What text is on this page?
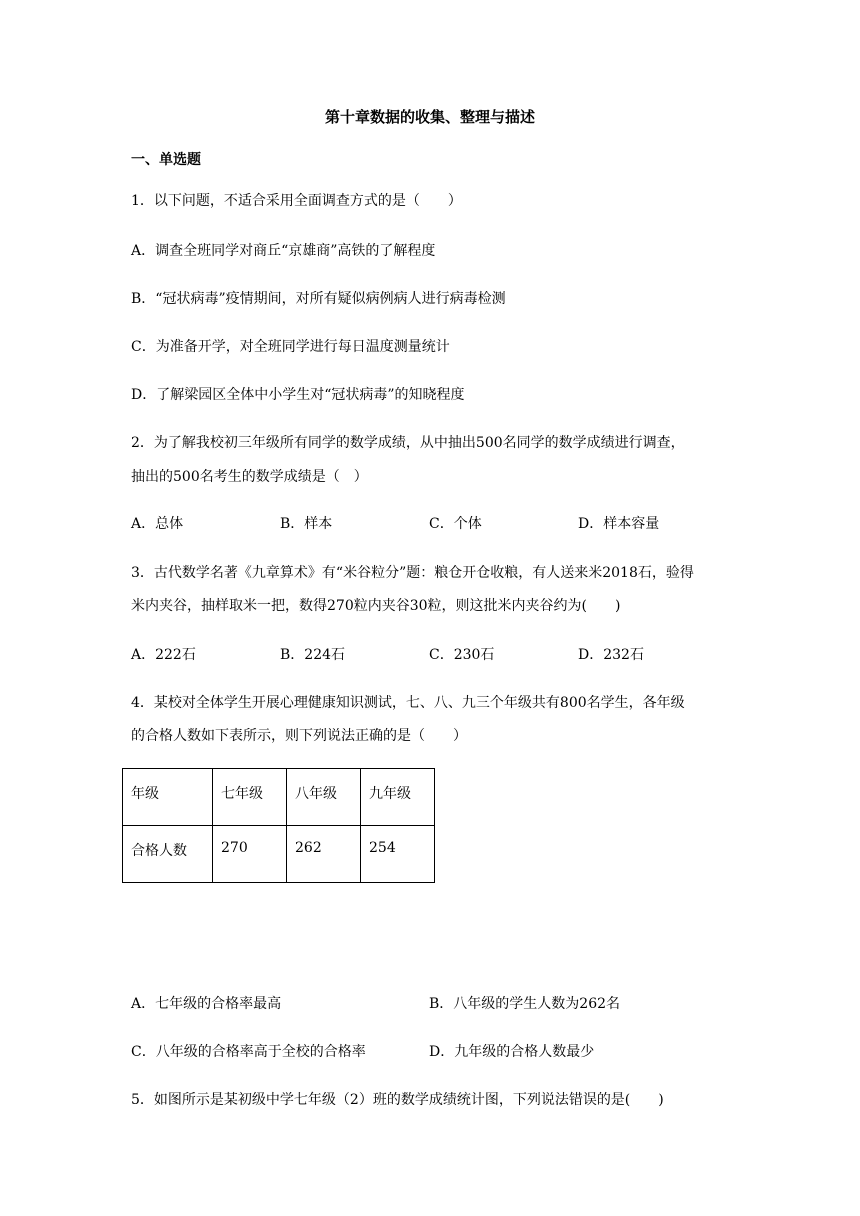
第十章数据的收集、整理与描述
一、单选题
1．以下问题，不适合采用全面调查方式的是（　　）
A．调查全班同学对商丘“京雄商”高铁的了解程度
B．“冠状病毒”疫情期间，对所有疑似病例病人进行病毒检测
C．为准备开学，对全班同学进行每日温度测量统计
D．了解梁园区全体中小学生对“冠状病毒”的知晓程度
2．为了解我校初三年级所有同学的数学成绩，从中抽出500名同学的数学成绩进行调查，
抽出的500名考生的数学成绩是（　）
A．总体	B．样本	C．个体	D．样本容量
3．古代数学名著《九章算术》有“米谷粒分”题：粮仓开仓收粮，有人送来米2018石，验得
米内夹谷，抽样取米一把，数得270粒内夹谷30粒，则这批米内夹谷约为(　　)
A．222石	B．224石	C．230石	D．232石
4．某校对全体学生开展心理健康知识测试，七、八、九三个年级共有800名学生，各年级
的合格人数如下表所示，则下列说法正确的是（　　）
年级	七年级	八年级	九年级
合格人数	270	262	254
A．七年级的合格率最高	B．八年级的学生人数为262名
C．八年级的合格率高于全校的合格率	D．九年级的合格人数最少
5．如图所示是某初级中学七年级（2）班的数学成绩统计图，下列说法错误的是(　　)
